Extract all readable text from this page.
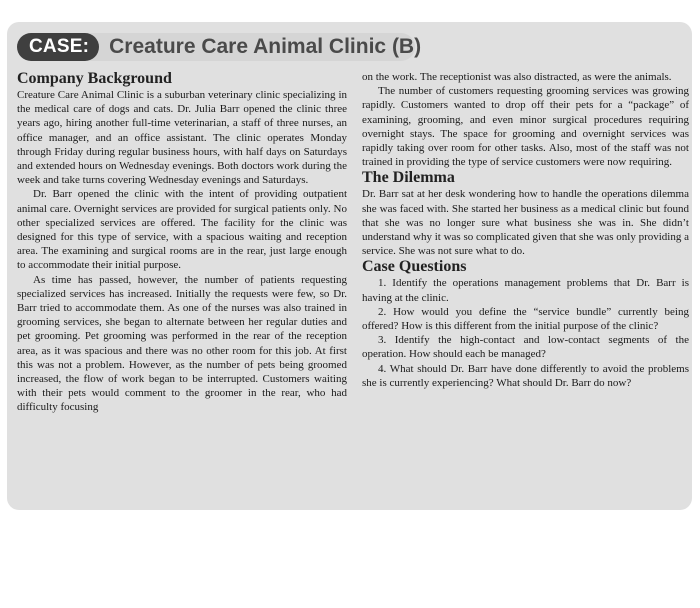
CASE: Creature Care Animal Clinic (B)
Company Background

Creature Care Animal Clinic is a suburban veterinary clinic specializing in the medical care of dogs and cats. Dr. Julia Barr opened the clinic three years ago, hiring another full-time veterinarian, a staff of three nurses, an office manager, and an office assistant. The clinic operates Monday through Friday during regular business hours, with half days on Saturdays and extended hours on Wednesday evenings. Both doctors work during the week and take turns covering Wednesday evenings and Saturdays.

Dr. Barr opened the clinic with the intent of providing outpatient animal care. Overnight services are provided for surgical patients only. No other specialized services are offered. The facility for the clinic was designed for this type of service, with a spacious waiting and reception area. The examining and surgical rooms are in the rear, just large enough to accommodate their initial purpose.

As time has passed, however, the number of patients requesting specialized services has increased. Initially the requests were few, so Dr. Barr tried to accommodate them. As one of the nurses was also trained in grooming services, she began to alternate between her regular duties and pet grooming. Pet grooming was performed in the rear of the reception area, as it was spacious and there was no other room for this job. At first this was not a problem. However, as the number of pets being groomed increased, the flow of work began to be interrupted. Customers waiting with their pets would comment to the groomer in the rear, who had difficulty focusing

on the work. The receptionist was also distracted, as were the animals.

The number of customers requesting grooming services was growing rapidly. Customers wanted to drop off their pets for a “package” of examining, grooming, and even minor surgical procedures requiring overnight stays. The space for grooming and overnight services was rapidly taking over room for other tasks. Also, most of the staff was not trained in providing the type of service customers were now requiring.

The Dilemma

Dr. Barr sat at her desk wondering how to handle the operations dilemma she was faced with. She started her business as a medical clinic but found that she was no longer sure what business she was in. She didn’t understand why it was so complicated given that she was only providing a service. She was not sure what to do.

Case Questions

1. Identify the operations management problems that Dr. Barr is having at the clinic.

2. How would you define the “service bundle” currently being offered? How is this different from the initial purpose of the clinic?

3. Identify the high-contact and low-contact segments of the operation. How should each be managed?

4. What should Dr. Barr have done differently to avoid the problems she is currently experiencing? What should Dr. Barr do now?
